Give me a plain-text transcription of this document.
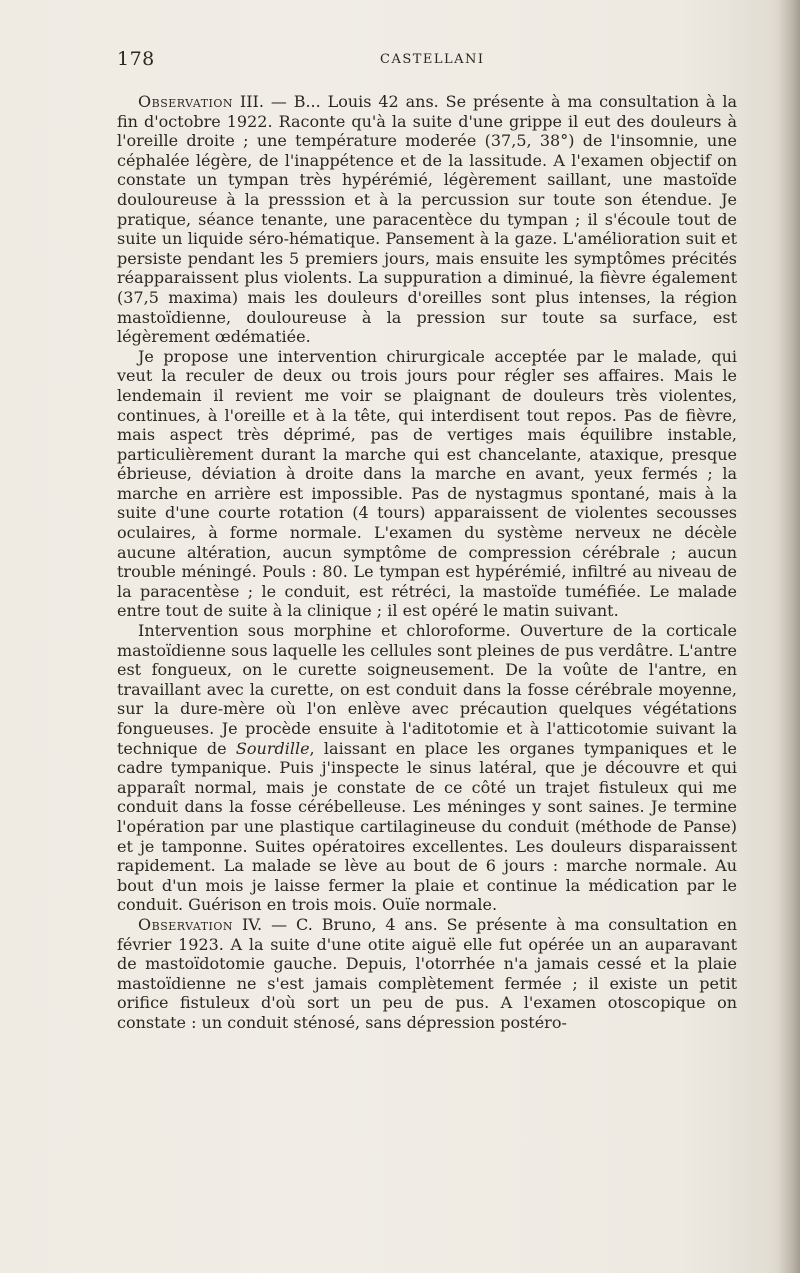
178	CASTELLANI

Observation III. — B... Louis 42 ans. Se présente à ma consultation à la fin d'octobre 1922. Raconte qu'à la suite d'une grippe il eut des douleurs à l'oreille droite ; une température moderée (37,5, 38°) de l'insomnie, une céphalée légère, de l'inappétence et de la lassitude. A l'examen objectif on constate un tympan très hypérémié, légèrement saillant, une mastoïde douloureuse à la presssion et à la percussion sur toute son étendue. Je pratique, séance tenante, une paracentèce du tympan ; il s'écoule tout de suite un liquide séro-hématique. Pansement à la gaze. L'amélioration suit et persiste pendant les 5 premiers jours, mais ensuite les symptômes précités réapparaissent plus violents. La suppuration a diminué, la fièvre également (37,5 maxima) mais les douleurs d'oreilles sont plus intenses, la région mastoïdienne, douloureuse à la pression sur toute sa surface, est légèrement œdématiée.

Je propose une intervention chirurgicale acceptée par le malade, qui veut la reculer de deux ou trois jours pour régler ses affaires. Mais le lendemain il revient me voir se plaignant de douleurs très violentes, continues, à l'oreille et à la tête, qui interdisent tout repos. Pas de fièvre, mais aspect très déprimé, pas de vertiges mais équilibre instable, particulièrement durant la marche qui est chancelante, ataxique, presque ébrieuse, déviation à droite dans la marche en avant, yeux fermés ; la marche en arrière est impossible. Pas de nystagmus spontané, mais à la suite d'une courte rotation (4 tours) apparaissent de violentes secousses oculaires, à forme normale. L'examen du système nerveux ne décèle aucune altération, aucun symptôme de compression cérébrale ; aucun trouble méningé. Pouls : 80. Le tympan est hypérémié, infiltré au niveau de la paracentèse ; le conduit, est rétréci, la mastoïde tuméfiée. Le malade entre tout de suite à la clinique ; il est opéré le matin suivant.

Intervention sous morphine et chloroforme. Ouverture de la corticale mastoïdienne sous laquelle les cellules sont pleines de pus verdâtre. L'antre est fongueux, on le curette soigneusement. De la voûte de l'antre, en travaillant avec la curette, on est conduit dans la fosse cérébrale moyenne, sur la dure-mère où l'on enlève avec précaution quelques végétations fongueuses. Je procède ensuite à l'aditotomie et à l'atticotomie suivant la technique de Sourdille, laissant en place les organes tympaniques et le cadre tympanique. Puis j'inspecte le sinus latéral, que je découvre et qui apparaît normal, mais je constate de ce côté un trajet fistuleux qui me conduit dans la fosse cérébelleuse. Les méninges y sont saines. Je termine l'opération par une plastique cartilagineuse du conduit (méthode de Panse) et je tamponne. Suites opératoires excellentes. Les douleurs disparaissent rapidement. La malade se lève au bout de 6 jours : marche normale. Au bout d'un mois je laisse fermer la plaie et continue la médication par le conduit. Guérison en trois mois. Ouïe normale.

Observation IV. — C. Bruno, 4 ans. Se présente à ma consultation en février 1923. A la suite d'une otite aiguë elle fut opérée un an auparavant de mastoïdotomie gauche. Depuis, l'otorrhée n'a jamais cessé et la plaie mastoïdienne ne s'est jamais complètement fermée ; il existe un petit orifice fistuleux d'où sort un peu de pus. A l'examen otoscopique on constate : un conduit sténosé, sans dépression postéro-
